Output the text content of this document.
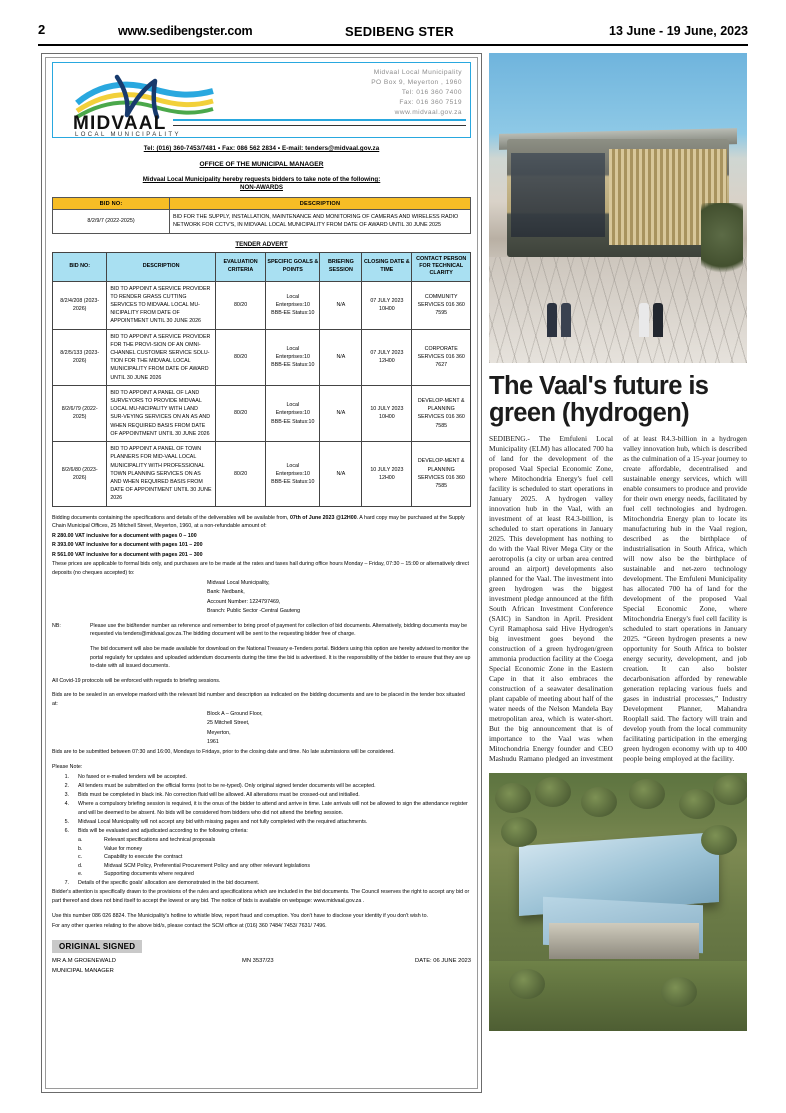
2	www.sedibengster.com	SEDIBENG STER	13 June - 19 June, 2023
MIDVAAL
LOCAL MUNICIPALITY
Midvaal Local Municipality
PO Box 9, Meyerton , 1960
Tel: 016 360 7400
Fax: 016 360 7519
www.midvaal.gov.za
Tel: (016) 360-7453/7481 • Fax: 086 562 2834 • E-mail: tenders@midvaal.gov.za
OFFICE OF THE MUNICIPAL MANAGER
Midvaal Local Municipality hereby requests bidders to take note of the following:
NON-AWARDS
BID NO:	DESCRIPTION
8/2/9/7 (2022-2025)	BID FOR THE SUPPLY, INSTALLATION, MAINTENANCE AND MONITORING OF CAMERAS AND WIRELESS RADIO NETWORK FOR CCTV'S, IN MIDVAAL LOCAL MUNICIPALITY FROM DATE OF AWARD UNTIL 30 JUNE 2025
TENDER ADVERT
BID NO:	DESCRIPTION	EVALUATION CRITERIA	SPECIFIC GOALS & POINTS	BRIEFING SESSION	CLOSING DATE & TIME	CONTACT PERSON FOR TECHNICAL CLARITY
8/2/4/208 (2023-2026)	BID TO APPOINT A SERVICE PROVIDER TO RENDER GRASS CUTTING SERVICES TO MIDVAAL LOCAL MU-NICIPALITY FROM DATE OF APPOINTMENT UNTIL 30 JUNE 2026	80/20	Local Enterprises:10 BBB-EE Status:10	N/A	07 JULY 2023 10H00	COMMUNITY SERVICES 016 360 7595
8/2/5/133 (2023-2026)	BID TO APPOINT A SERVICE PROVIDER FOR THE PROVI-SION OF AN OMNI-CHANNEL CUSTOMER SERVICE SOLU-TION FOR THE MIDVAAL LOCAL MUNICIPALITY FROM DATE OF AWARD UNTIL 30 JUNE 2026	80/20	Local Enterprises:10 BBB-EE Status:10	N/A	07 JULY 2023 12H00	CORPORATE SERVICES 016 360 7627
8/2/6/79 (2022-2025)	BID TO APPOINT A PANEL OF LAND SURVEYORS TO PROVIDE MIDVAAL LOCAL MU-NICIPALITY WITH LAND SUR-VEYING SERVICES ON AN AS AND WHEN REQUIRED BASIS FROM DATE OF APPOINTMENT UNTIL 30 JUNE 2026	80/20	Local Enterprises:10 BBB-EE Status:10	N/A	10 JULY 2023 10H00	DEVELOP-MENT & PLANNING SERVICES 016 360 7585
8/2/6/80 (2023-2026)	BID TO APPOINT A PANEL OF TOWN PLANNERS FOR MID-VAAL LOCAL MUNICIPALITY WITH PROFESSIONAL TOWN PLANNING SERVICES ON AS AND WHEN REQUIRED BASIS FROM DATE OF APPOINTMENT UNTIL 30 JUNE 2026	80/20	Local Enterprises:10 BBB-EE Status:10	N/A	10 JULY 2023 12H00	DEVELOP-MENT & PLANNING SERVICES 016 360 7585

Bidding documents containing the specifications and details of the deliverables will be available from, 07th of June 2023 @12H00. A hard copy may be purchased at the Supply Chain Municipal Offices, 25 Mitchell Street, Meyerton, 1960, at a non-refundable amount of:

R 280.00 VAT inclusive for a document with pages 0 – 100

R 393.00 VAT inclusive for a document with pages 101 – 200

R 561.00 VAT inclusive for a document with pages 201 – 300

These prices are applicable to formal bids only, and purchases are to be made at the rates and taxes hall during office hours Monday – Friday, 07:30 – 15:00 or alternatively direct deposits (no cheques accepted) to:

Midvaal Local Municipality,

Bank: Nedbank,

Account Number: 1224797469,

Branch: Public Sector -Central Gauteng

NB:	Please use the bid/tender number as reference and remember to bring proof of payment for collection of bid documents. Alternatively, bidding documents may be requested via tenders@midvaal.gov.za.The bidding document will be sent to the requesting bidder free of charge.
The bid document will also be made available for download on the National Treasury e-Tenders portal. Bidders using this option are hereby advised to monitor the portal regularly for updates and uploaded addendum documents during the time the bid is advertised. It is the responsibility of the bidder to ensure that they are up to-date with all issued documents.

All Covid-19 protocols will be enforced with regards to briefing sessions.

Bids are to be sealed in an envelope marked with the relevant bid number and description as indicated on the bidding documents and are to be placed in the tender box situated at:

Block A – Ground Floor,

25 Mitchell Street,

Meyerton,

1961

Bids are to be submitted between 07:30 and 16:00, Mondays to Fridays, prior to the closing date and time. No late submissions will be considered.

Please Note:

1.	No faxed or e-mailed tenders will be accepted.
2.	All tenders must be submitted on the official forms (not to be re-typed). Only original signed tender documents will be accepted.
3.	Bids must be completed in black ink. No correction fluid will be allowed. All alterations must be crossed-out and initialled.
4.	Where a compulsory briefing session is required, it is the onus of the bidder to attend and arrive in time. Late arrivals will not be allowed to sign the attendance register and will be deemed to be absent. No bids will be considered from bidders who did not attend the briefing session.
5.	Midvaal Local Municipality will not accept any bid with missing pages and not fully completed with the required attachments.
6.	Bids will be evaluated and adjudicated according to the following criteria:
a.	Relevant specifications and technical proposals
b.	Value for money
c.	Capability to execute the contract
d.	Midvaal SCM Policy, Preferential Procurement Policy and any other relevant legislations
e.	Supporting documents where required
7.	Details of the specific goals' allocation are demonstrated in the bid document.

Bidder's attention is specifically drawn to the provisions of the rules and specifications which are included in the bid documents. The Council reserves the right to accept any bid or part thereof and does not bind itself to accept the lowest or any bid. The notice of bids is available on webpage: www.midvaal.gov.za .

Use this number 086 026 8824. The Municipality's hotline to whistle blow, report fraud and corruption. You don't have to disclose your identity if you don't wish to.

For any other queries relating to the above bid/s, please contact the SCM office at (016) 360 7484/ 7453/ 7631/ 7496.

ORIGINAL SIGNED
MR A.M GROENEWALD	MN 3537/23	DATE: 06 JUNE 2023
MUNICIPAL MANAGER
The Vaal's future is green (hydrogen)

SEDIBENG.- The Emfuleni Local Municipality (ELM) has allocated 700 ha of land for the development of the proposed Vaal Special Economic Zone, where Mitochondria Energy's fuel cell facility is scheduled to start operations in January 2025. A hydrogen valley innovation hub in the Vaal, with an investment of at least R4.3-billion, is scheduled to start operations in January 2025. This development has nothing to do with the Vaal River Mega City or the aerotropolis (a city or urban area centred around an airport) developments also planned for the Vaal. The investment into green hydrogen was the biggest investment pledge announced at the fifth South African Investment Conference (SAIC) in Sandton in April. President Cyril Ramaphosa said Hive Hydrogen's big investment goes beyond the construction of a green hydrogen/green ammonia production facility at the Coega Special Economic Zone in the Eastern Cape in that it also embraces the construction of a seawater desalination plant capable of meeting about half of the water needs of the Nelson Mandela Bay metropolitan area, which is water-short. But the big announcement that is of importance to the Vaal was when Mitochondria Energy founder and CEO Mashudu Ramano pledged an investment of at least R4.3-billion in a hydrogen valley innovation hub, which is described as the culmination of a 15-year journey to create affordable, decentralised and sustainable energy services, which will enable consumers to produce and provide for their own energy needs, facilitated by fuel cell technologies and hydrogen. Mitochondria Energy plan to locate its manufacturing hub in the Vaal region, described as the birthplace of industrialisation in South Africa, which will now also be the birthplace of sustainable and net-zero technology development. The Emfuleni Municipality has allocated 700 ha of land for the development of the proposed Vaal Special Economic Zone, where Mitochondria Energy's fuel cell facility is scheduled to start operations in January 2025. “Green hydrogen presents a new opportunity for South Africa to bolster energy security, development, and job creation. It can also bolster decarbonisation afforded by renewable generation replacing various fuels and gases in industrial processes,” Industry Development Planner, Mahandra Rooplall said. The factory will train and develop youth from the local community facilitating participation in the emerging green hydrogen economy with up to 400 people being employed at the facility.
